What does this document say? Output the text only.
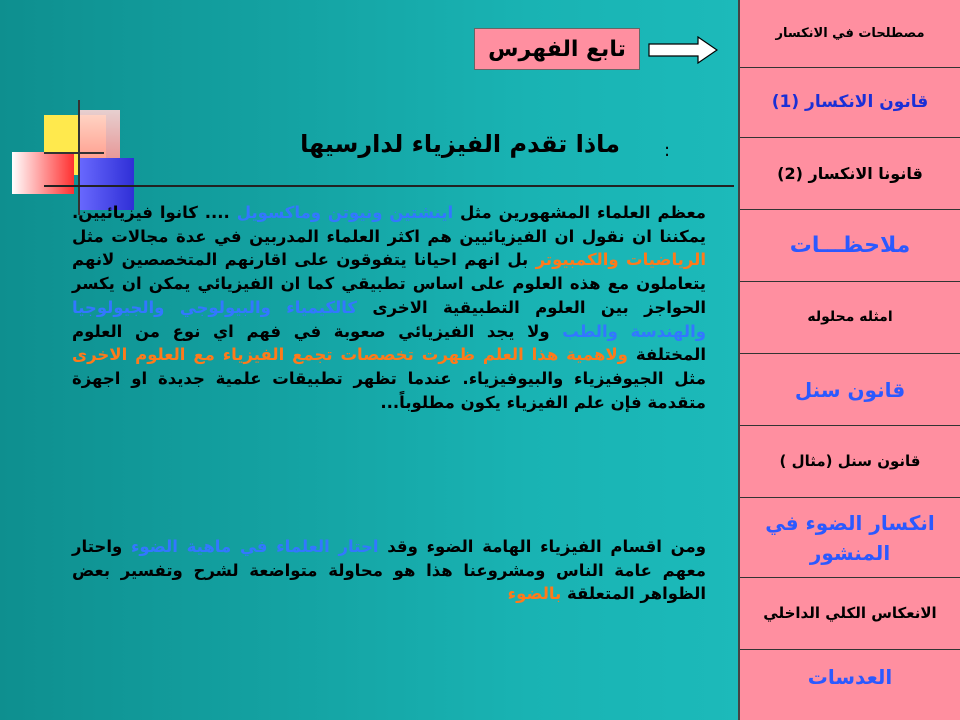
تابع الفهرس
ماذا تقدم الفيزياء لدارسيها :
معظم العلماء المشهورين مثل اينشتين ونيوتن وماكسويل .... كانوا فيزيائيين. يمكننا ان نقول ان الفيزيائيين هم اكثر العلماء المدربين في عدة مجالات مثل الرياضيات والكمبيوتر بل انهم احيانا يتفوقون على اقارنهم المتخصصين لانهم يتعاملون مع هذه العلوم على اساس تطبيقي كما ان الفيزيائي يمكن ان يكسر الحواجز بين العلوم التطبيقية الاخرى كالكيمياء والبيولوجي والجيولوجيا والهندسة والطب ولا يجد الفيزيائي صعوبة في فهم اي نوع من العلوم المختلفة ولاهمية هذا العلم ظهرت تخصصات تجمع الفيزياء مع العلوم الاخرى مثل الجيوفيزياء والبيوفيزياء. عندما تظهر تطبيقات علمية جديدة او اجهزة متقدمة فإن علم الفيزياء يكون مطلوباً...
ومن اقسام الفيزياء الهامة الضوء وقد احتار العلماء في ماهية الضوء واحتار معهم عامة الناس ومشروعنا هذا هو محاولة متواضعة لشرح وتفسير بعض الظواهر المتعلقة بالضوء
مصطلحات في الانكسار
قانون الانكسار (1)
قانونا الانكسار (2)
ملاحظـــات
امثله محلوله
قانون سنل
قانون سنل (مثال )
انكسار الضوء في المنشور
الانعكاس الكلي الداخلي
العدسات
